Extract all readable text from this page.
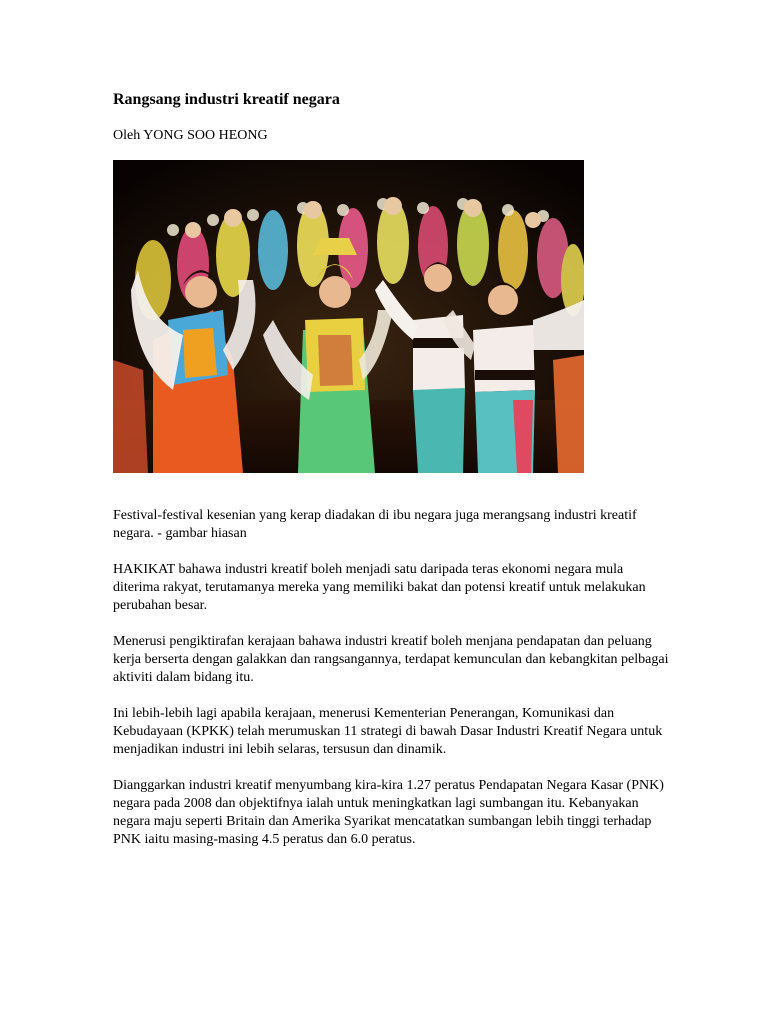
Rangsang industri kreatif negara

Oleh YONG SOO HEONG

Festival-festival kesenian yang kerap diadakan di ibu negara juga merangsang industri kreatif negara. - gambar hiasan

HAKIKAT bahawa industri kreatif boleh menjadi satu daripada teras ekonomi negara mula diterima rakyat, terutamanya mereka yang memiliki bakat dan potensi kreatif untuk melakukan perubahan besar.

Menerusi pengiktirafan kerajaan bahawa industri kreatif boleh menjana pendapatan dan peluang kerja berserta dengan galakkan dan rangsangannya, terdapat kemunculan dan kebangkitan pelbagai aktiviti dalam bidang itu.

Ini lebih-lebih lagi apabila kerajaan, menerusi Kementerian Penerangan, Komunikasi dan Kebudayaan (KPKK) telah merumuskan 11 strategi di bawah Dasar Industri Kreatif Negara untuk menjadikan industri ini lebih selaras, tersusun dan dinamik.

Dianggarkan industri kreatif menyumbang kira-kira 1.27 peratus Pendapatan Negara Kasar (PNK) negara pada 2008 dan objektifnya ialah untuk meningkatkan lagi sumbangan itu. Kebanyakan negara maju seperti Britain dan Amerika Syarikat mencatatkan sumbangan lebih tinggi terhadap PNK iaitu masing-masing 4.5 peratus dan 6.0 peratus.
